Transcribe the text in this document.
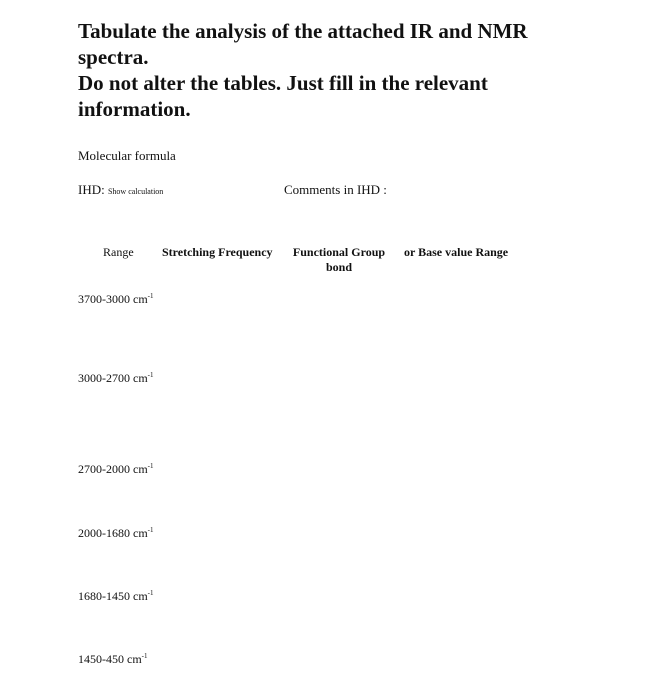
Tabulate the analysis of the attached IR and NMR
spectra.
Do not alter the tables. Just fill in the relevant
information.
Molecular formula
IHD: Show calculation	Comments in IHD :
Range Stretching Frequency	Functional Group
bond
or Base value Range
3700-3000 $cm^{-1}$
3000-2700 $cm^{-1}$
2700-2000 $cm^{-1}$
2000-1680 $cm^{-1}$
1680-1450 $cm^{-1}$
1450-450 $cm^{-1}$
